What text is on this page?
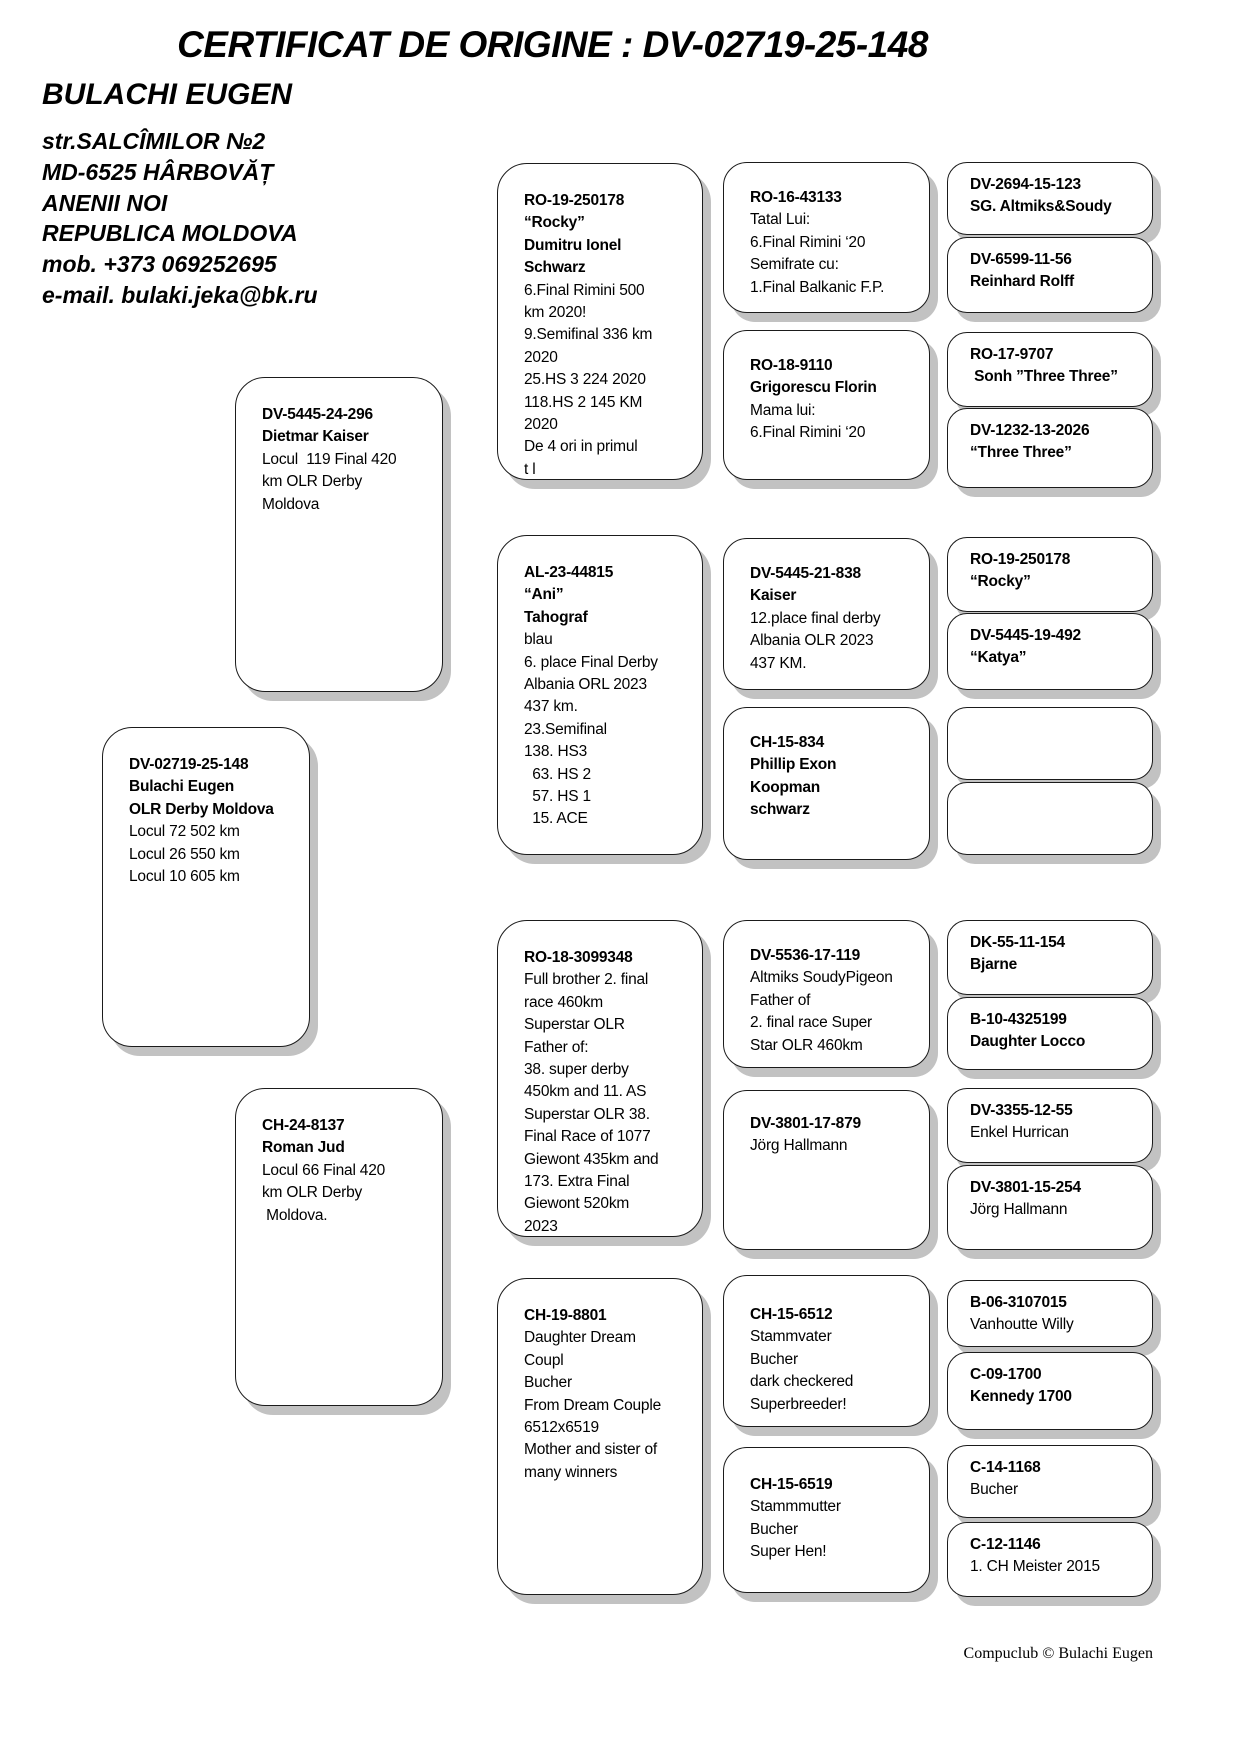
CERTIFICAT DE ORIGINE : DV-02719-25-148
BULACHI EUGEN
str.SALCÎMILOR №2
MD-6525 HÂRBOVĂȚ
ANENII NOI
REPUBLICA MOLDOVA
mob. +373 069252695
e-mail. bulaki.jeka@bk.ru
DV-5445-24-296
Dietmar Kaiser
Locul  119 Final 420
km OLR Derby
Moldova
DV-02719-25-148
Bulachi Eugen
OLR Derby Moldova
Locul 72 502 km
Locul 26 550 km
Locul 10 605 km
CH-24-8137
Roman Jud
Locul 66 Final 420
km OLR Derby
Moldova.
RO-19-250178
“Rocky”
Dumitru Ionel
Schwarz
6.Final Rimini 500
km 2020!
9.Semifinal 336 km
2020
25.HS 3 224 2020
118.HS 2 145 KM
2020
De 4 ori in primul
t l
AL-23-44815
“Ani”
Tahograf
blau
6. place Final Derby
Albania ORL 2023
437 km.
23.Semifinal
138. HS3
63. HS 2
57. HS 1
15. ACE
RO-18-3099348
Full brother 2. final
race 460km
Superstar OLR
Father of:
38. super derby
450km and 11. AS
Superstar OLR 38.
Final Race of 1077
Giewont 435km and
173. Extra Final
Giewont 520km
2023
CH-19-8801
Daughter Dream
Coupl
Bucher
From Dream Couple
6512x6519
Mother and sister of
many winners
RO-16-43133
Tatal Lui:
6.Final Rimini ‘20
Semifrate cu:
1.Final Balkanic F.P.
RO-18-9110
Grigorescu Florin
Mama lui:
6.Final Rimini ‘20
DV-5445-21-838
Kaiser
12.place final derby
Albania OLR 2023
437 KM.
CH-15-834
Phillip Exon
Koopman
schwarz
DV-5536-17-119
Altmiks SoudyPigeon
Father of
2. final race Super
Star OLR 460km
DV-3801-17-879
Jörg Hallmann
CH-15-6512
Stammvater
Bucher
dark checkered
Superbreeder!
CH-15-6519
Stammmutter
Bucher
Super Hen!
DV-2694-15-123
SG. Altmiks&Soudy
DV-6599-11-56
Reinhard Rolff
RO-17-9707
Sonh ”Three Three”
DV-1232-13-2026
“Three Three”
RO-19-250178
“Rocky”
DV-5445-19-492
“Katya”
DK-55-11-154
Bjarne
B-10-4325199
Daughter Locco
DV-3355-12-55
Enkel Hurrican
DV-3801-15-254
Jörg Hallmann
B-06-3107015
Vanhoutte Willy
C-09-1700
Kennedy 1700
C-14-1168
Bucher
C-12-1146
1. CH Meister 2015
Compuclub © Bulachi Eugen
